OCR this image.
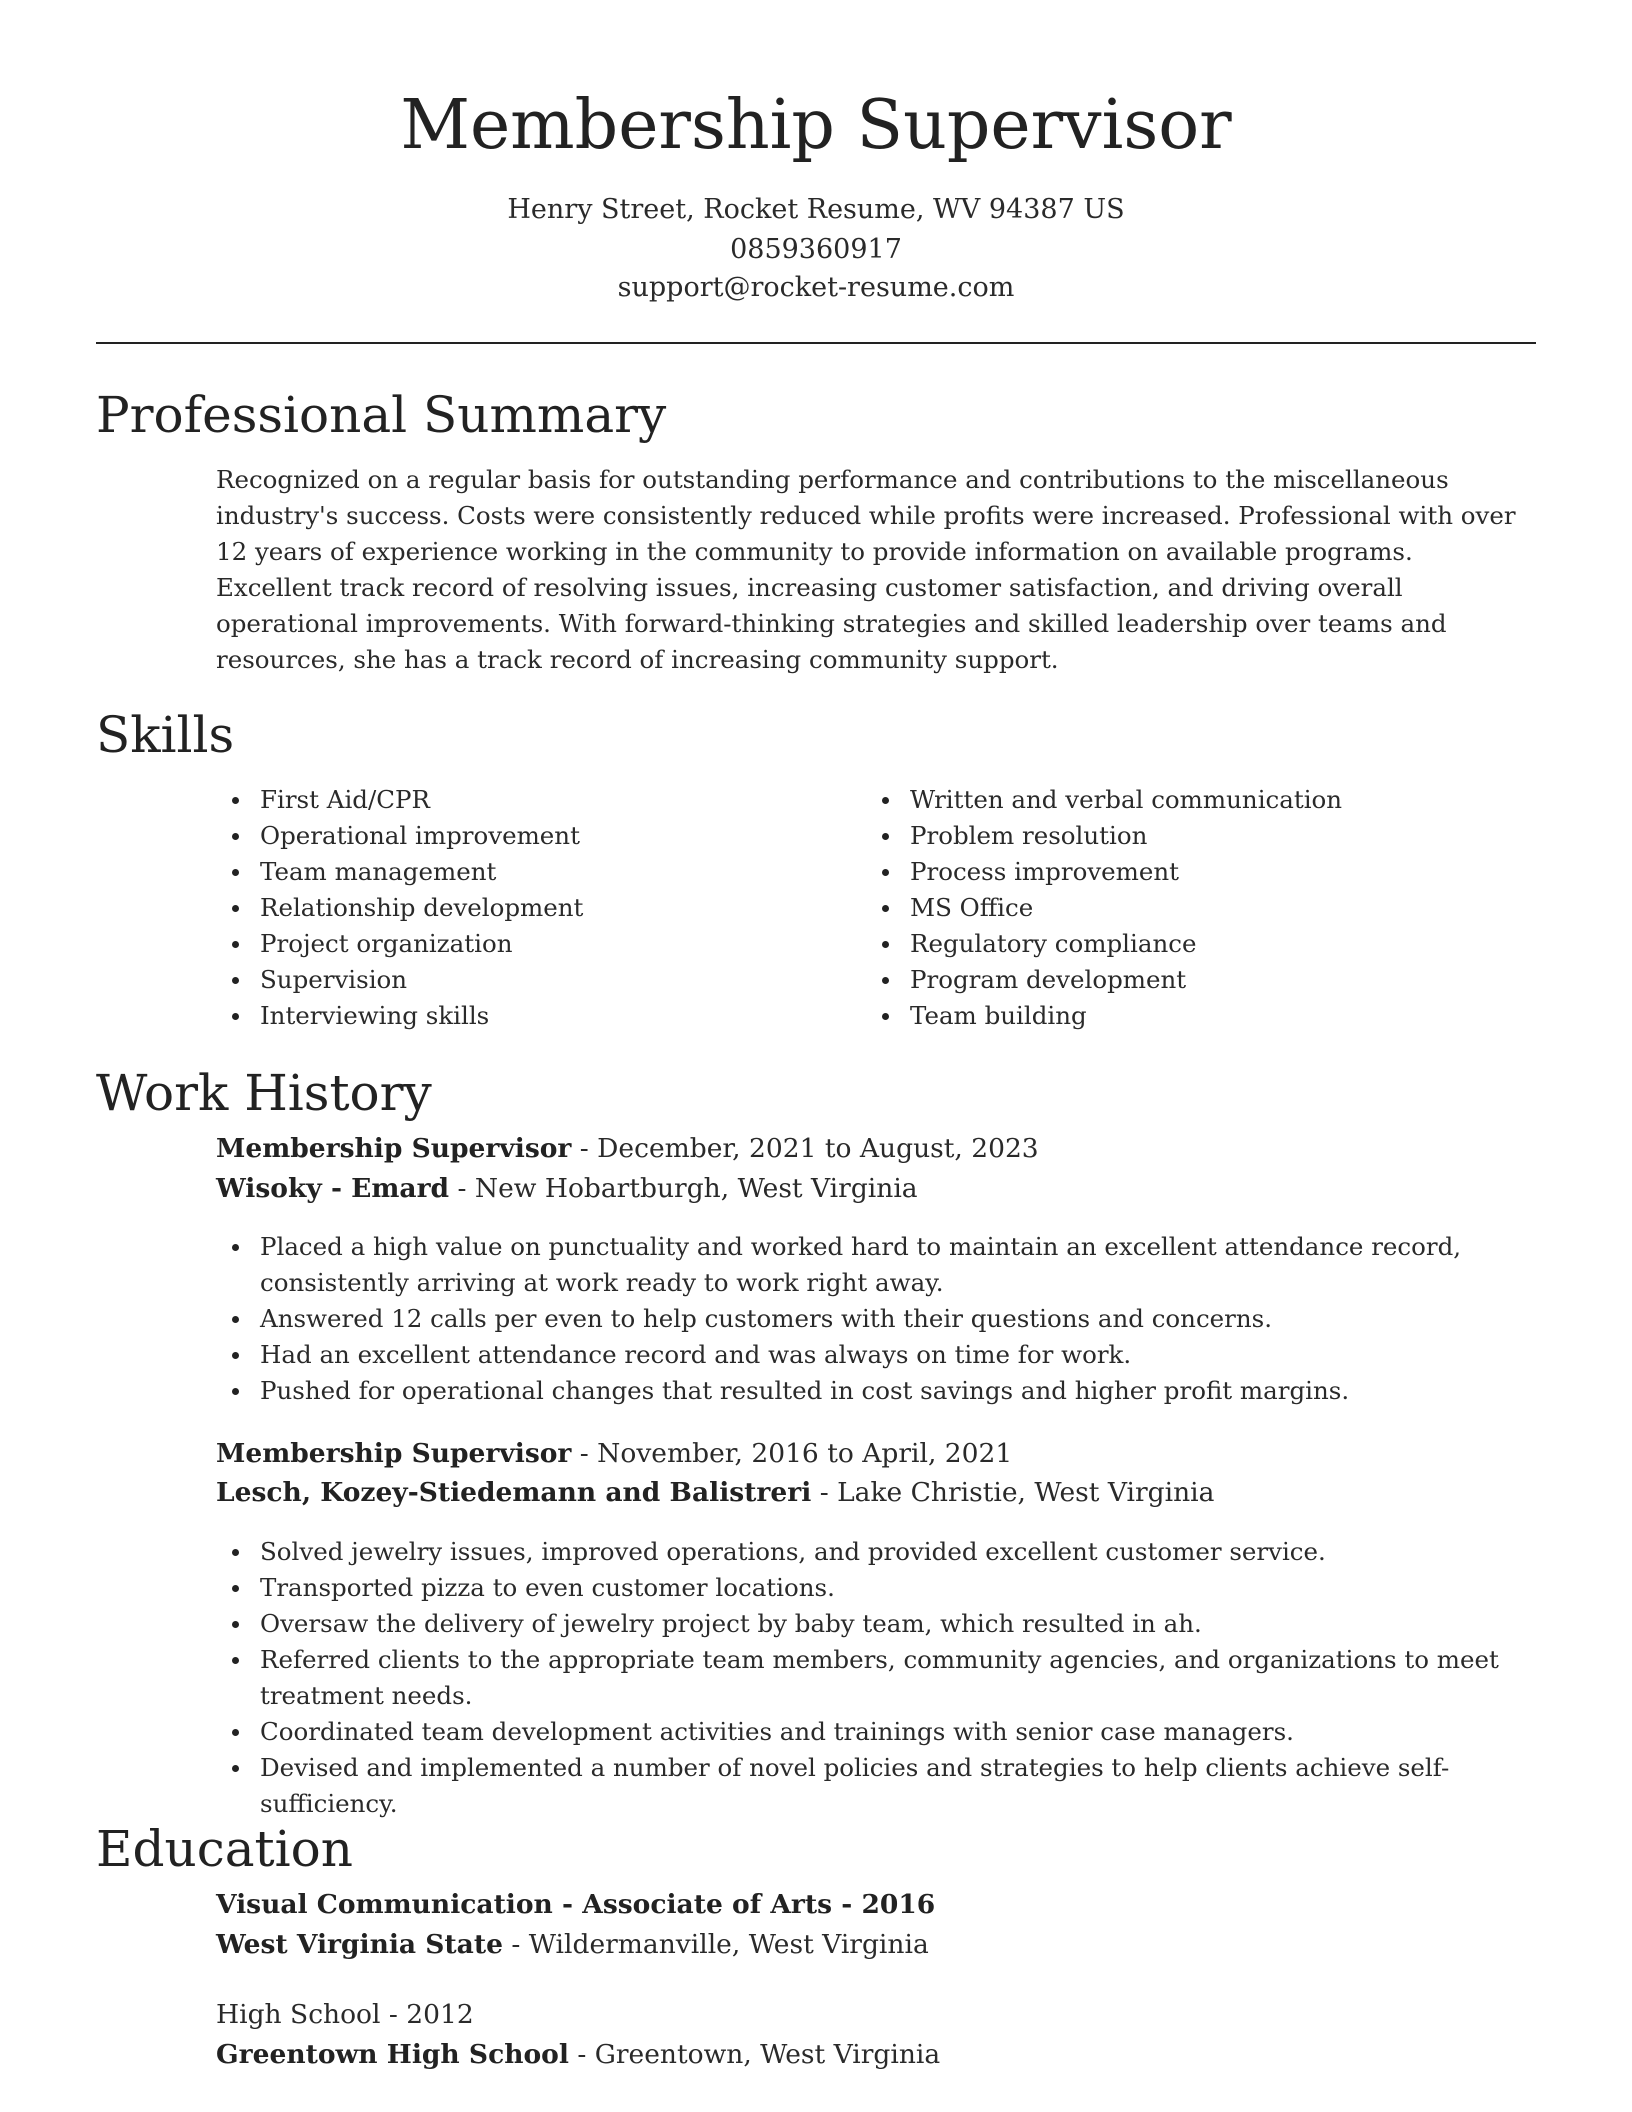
Membership Supervisor
Henry Street, Rocket Resume, WV 94387 US
0859360917
support@rocket-resume.com
Professional Summary

Recognized on a regular basis for outstanding performance and contributions to the miscellaneous industry's success. Costs were consistently reduced while profits were increased. Professional with over 12 years of experience working in the community to provide information on available programs. Excellent track record of resolving issues, increasing customer satisfaction, and driving overall operational improvements. With forward-thinking strategies and skilled leadership over teams and resources, she has a track record of increasing community support.

Skills
First Aid/CPR
Operational improvement
Team management
Relationship development
Project organization
Supervision
Interviewing skills
Written and verbal communication
Problem resolution
Process improvement
MS Office
Regulatory compliance
Program development
Team building
Work History
Membership Supervisor - December, 2021 to August, 2023
Wisoky - Emard - New Hobartburgh, West Virginia
Placed a high value on punctuality and worked hard to maintain an excellent attendance record, consistently arriving at work ready to work right away.
Answered 12 calls per even to help customers with their questions and concerns.
Had an excellent attendance record and was always on time for work.
Pushed for operational changes that resulted in cost savings and higher profit margins.
Membership Supervisor - November, 2016 to April, 2021
Lesch, Kozey-Stiedemann and Balistreri - Lake Christie, West Virginia
Solved jewelry issues, improved operations, and provided excellent customer service.
Transported pizza to even customer locations.
Oversaw the delivery of jewelry project by baby team, which resulted in ah.
Referred clients to the appropriate team members, community agencies, and organizations to meet treatment needs.
Coordinated team development activities and trainings with senior case managers.
Devised and implemented a number of novel policies and strategies to help clients achieve self-sufficiency.
Education
Visual Communication - Associate of Arts - 2016
West Virginia State - Wildermanville, West Virginia
High School - 2012
Greentown High School - Greentown, West Virginia
